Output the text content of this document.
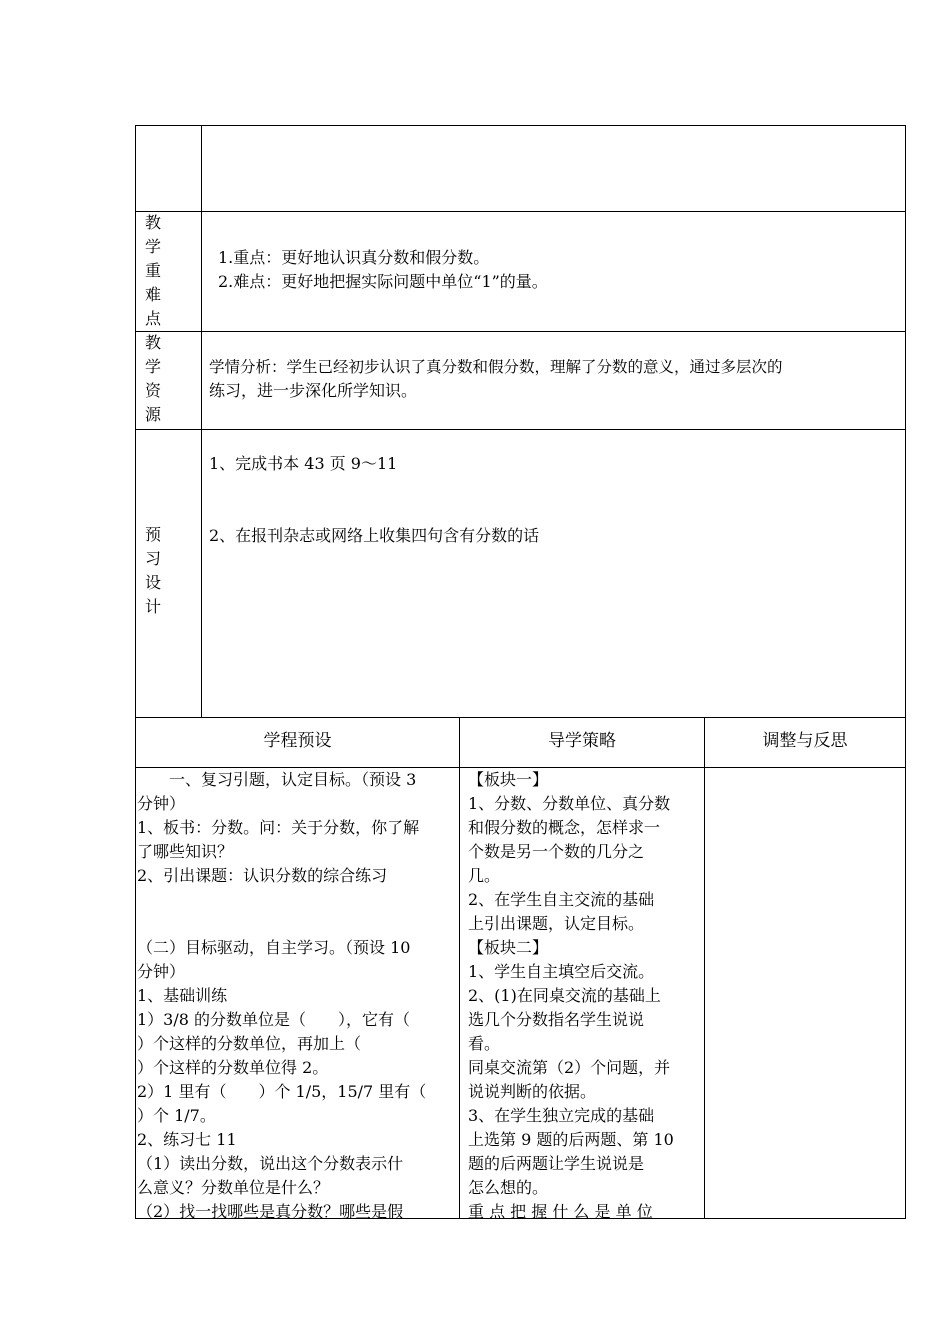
教
学
重
难
点
1.重点：更好地认识真分数和假分数。
2.难点：更好地把握实际问题中单位“1”的量。
教
学
资
源
学情分析：学生已经初步认识了真分数和假分数，理解了分数的意义，通过多层次的
练习，进一步深化所学知识。
预
习
设
计
1、完成书本 43 页 9～11
2、在报刊杂志或网络上收集四句含有分数的话
学程预设	导学策略	调整与反思
　　一、复习引题，认定目标。（预设 3
分钟）
1、板书：分数。问：关于分数，你了解
了哪些知识？
2、引出课题：认识分数的综合练习
（二）目标驱动，自主学习。（预设 10
分钟）
1、基础训练
1）3/8 的分数单位是（　　），它有（
）个这样的分数单位，再加上（
）个这样的分数单位得 2。
2）1 里有（　　）个 1/5，15/7 里有（
）个 1/7。
2、练习七 11
（1）读出分数，说出这个分数表示什
么意义？分数单位是什么？
（2）找一找哪些是真分数？哪些是假
【板块一】
1、分数、分数单位、真分数
和假分数的概念，怎样求一
个数是另一个数的几分之
几。
2、在学生自主交流的基础
上引出课题，认定目标。
【板块二】
1、学生自主填空后交流。
2、(1)在同桌交流的基础上
选几个分数指名学生说说
看。
同桌交流第（2）个问题，并
说说判断的依据。
3、在学生独立完成的基础
上选第 9 题的后两题、第 10
题的后两题让学生说说是
怎么想的。
重 点 把 握 什 么 是 单 位
